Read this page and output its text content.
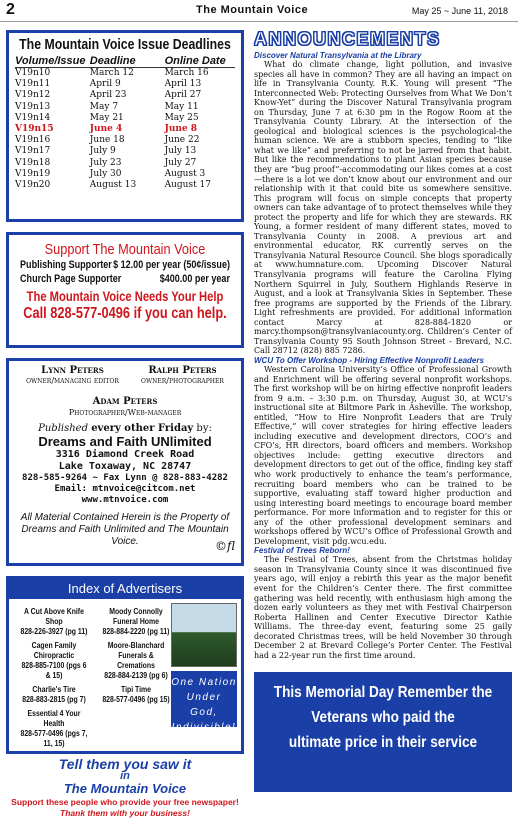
2	The Mountain Voice	May 25 ~ June 11, 2018
The Mountain Voice Issue Deadlines
Volume/Issue Deadline	Online Date
V19n10	March 12	March 16
V19n11	April 9	April 13
V19n12	April 23	April 27
V19n13	May 7	May 11
V19n14	May 21	May 25
V19n15	June 4	June 8
V19n16	June 18	June 22
V19n17	July 9	July 13
V19n18	July 23	July 27
V19n19	July 30	August 3
V19n20	August 13	August 17
Support The Mountain Voice
Publishing Supporter $ 12.00 per year (50¢/issue)
Church Page Supporter	$400.00 per year
The Mountain Voice Needs Your Help
Call 828-577-0496 if you can help.
Lynn Peters
owner/managing editor
Ralph Peters
owner/photographer
Adam Peters
Photographer/Web-manager
Published every other Friday by:
Dreams and Faith UNlimited
3316 Diamond Creek Road
Lake Toxaway, NC 28747
828-585-9264 ~ Fax Lynn @ 828-883-4282
Email: mtnvoice@citcom.net
www.mtnvoice.com
All Material Contained Herein is the Property of Dreams and Faith Unlimited and The Mountain Voice.	©fl
Index of Advertisers
A Cut Above Knife Shop
828-226-3927 (pg 11)
Cagen Family Chiropractic
828-885-7100 (pgs 6 & 15)
Charlie's Tire
828-883-2815 (pg 7)
Essential 4 Your Health
828-577-0496 (pgs 7, 11, 15)
Moody Connolly Funeral Home
828-884-2220 (pg 11)
Moore-Blanchard Funerals & Cremations
828-884-2139 (pg 6)
Tipi Time
828-577-0496 (pg 15)
One Nation Under God, Indivisible!
Tell them you saw it
in
The Mountain Voice
Support these people who provide your free newspaper!
Thank them with your business!
ANNOUNCEMENTS
Discover Natural Transylvania at the Library
What do climate change, light pollution, and invasive species all have in common? They are all having an impact on life in Transylvania County. R.K. Young will present “The Interconnected Web: Protecting Ourselves from What We Don’t Know-Yet” during the Discover Natural Transylvania program on Thursday, June 7 at 6:30 pm in the Rogow Room at the Transylvania County Library. At the intersection of the geological and biological sciences is the psychological-the human science. We are a stubborn species, tending to “like what we like” and preferring to not be jarred from that habit. But like the recommendations to plant Asian species because they are “bug proof”-accommodating our likes comes at a cost—there is a lot we don’t know about our environment and our relationship with it that could bite us somewhere sensitive. This program will focus on simple concepts that property owners can take advantage of to protect themselves while they protect the property and life for which they are stewards. RK Young, a former resident of many different states, moved to Transylvania County in 2008. A previous art and environmental educator, RK currently serves on the Transylvania Natural Resource Council. She blogs sporadically at www.humnature.com. Upcoming Discover Natural Transylvania programs will feature the Carolina Flying Northern Squirrel in July, Southern Highlands Reserve in August, and a look at Transylvania Skies in September. These free programs are supported by the Friends of the Library. Light refreshments are provided. For additional information contact Marcy at 828-884-1820 or marcy.thompson@transylvaniacounty.org. Children’s Center of Transylvania County 95 South Johnson Street - Brevard, N.C. Call 28712 (828) 885 7286.
WCU To Offer Workshop - Hiring Effective Nonprofit Leaders
Western Carolina University’s Office of Professional Growth and Enrichment will be offering several nonprofit workshops. The first workshop will be on hiring effective nonprofit leaders from 9 a.m. – 3:30 p.m. on Thursday, August 30, at WCU’s instructional site at Biltmore Park in Asheville. The workshop, entitled, “How to Hire Nonprofit Leaders that are Truly Effective,” will cover strategies for hiring effective leaders including executive and development directors, COO’s and CFO’s, HR directors, board officers and members. Workshop objectives include: getting executive directors and development directors to get out of the office, finding key staff who work productively to enhance the team’s performance, recruiting board members who can be trained to be supportive, evaluating staff toward higher production and using interesting board meetings to encourage board member performance. For more information and to register for this or any of the other professional development seminars and workshops offered by WCU’s Office of Professional Growth and Development, visit pdg.wcu.edu.
Festival of Trees Reborn!
The Festival of Trees, absent from the Christmas holiday season in Transylvania County since it was discontinued five years ago, will enjoy a rebirth this year as the major benefit event for the Children’s Center there. The first committee gathering was held recently, with enthusiasm high among the dozen early volunteers as they met with Festival Chairperson Roberta Hallinen and Center Executive Director Kathie Williams. The three-day event, featuring some 25 gaily decorated Christmas trees, will be held November 30 through December 2 at Brevard College’s Porter Center. The Festival had a 22-year run the first time around.
This Memorial Day Remember the
Veterans who paid the
ultimate price in their service
